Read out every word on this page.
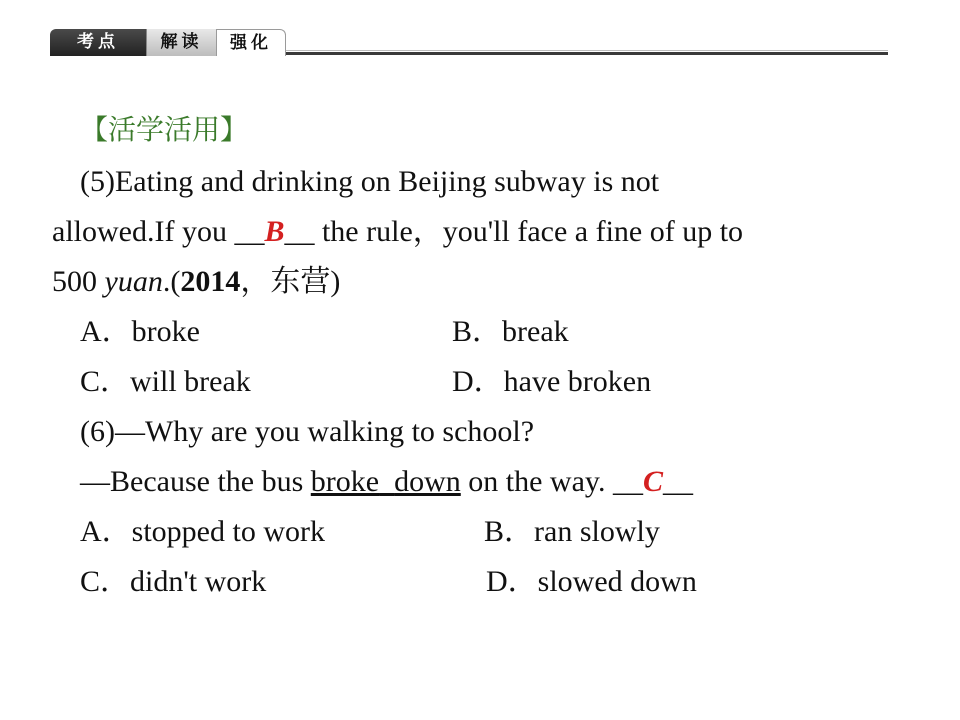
考点	解读	强化
【活学活用】
(5)Eating and drinking on Beijing subway is not
allowed.If you __B__ the rule，you'll face a fine of up to
500 yuan.(2014，东营)
A．broke	B．break
C．will break	D．have broken
(6)—Why are you walking to school?
—Because the bus broke_down on the way. __C__
A．stopped to work	B．ran slowly
C．didn't work	D．slowed down
